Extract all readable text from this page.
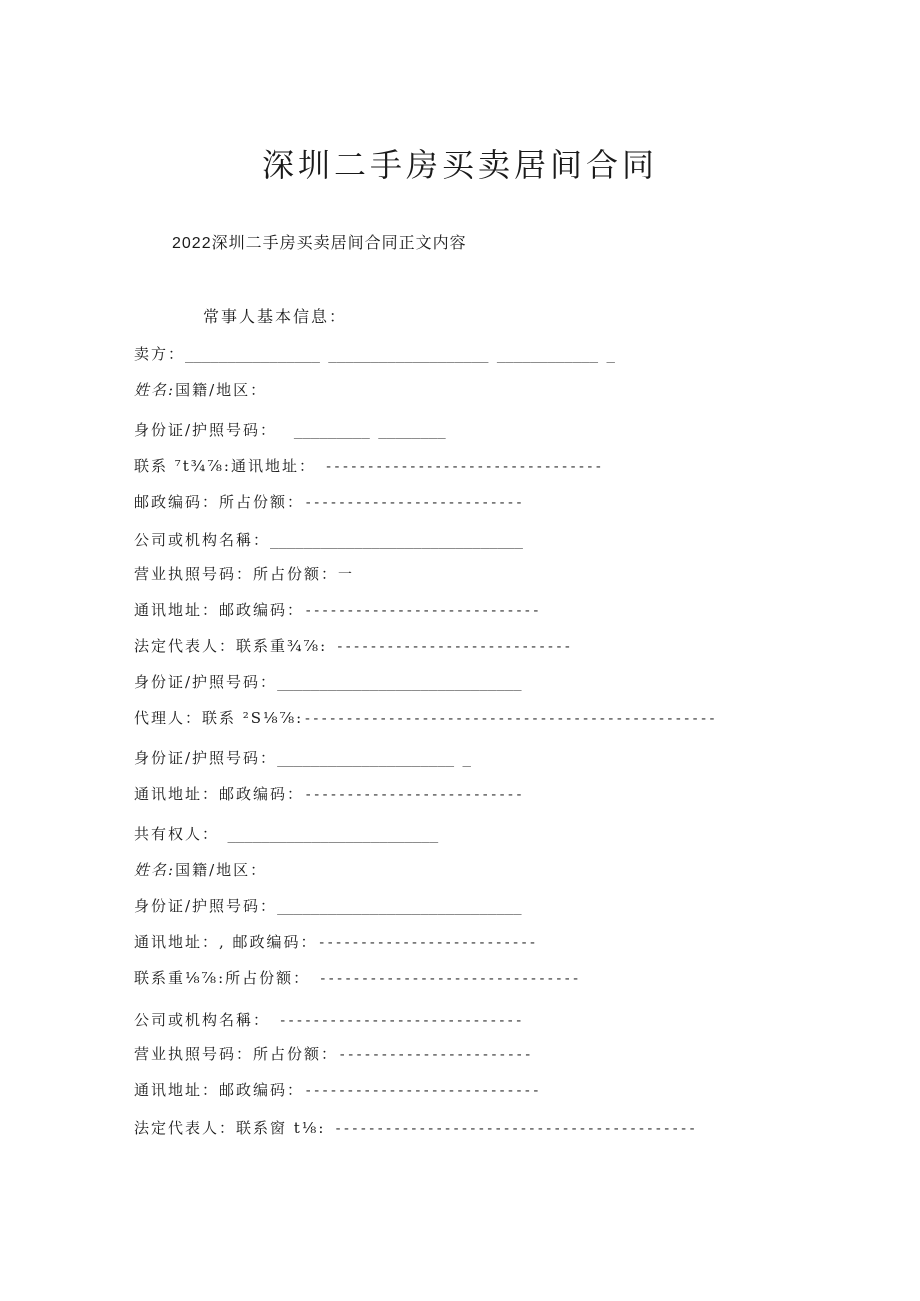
深圳二手房买卖居间合同
2022深圳二手房买卖居间合同正文内容
常事人基本信息：
卖方：________________ ___________________ ____________ _
姓名:国籍/地区：
身份证/护照号码：  _________ ________
联系 ⁷t¾⅞:通讯地址： ---------------------------------
邮政编码：所占份额：--------------------------
公司或机构名稱：______________________________
营业执照号码：所占份额：一
通讯地址：邮政编码：----------------------------
法定代表人：联系重¾⅞: ----------------------------
身份证/护照号码：_____________________________
代理人：联系 ²S⅛⅞:-------------------------------------------------
身份证/护照号码：_____________________ _
通讯地址：邮政编码：--------------------------
共有权人： _________________________
姓名:国籍/地区：
身份证/护照号码：_____________________________
通讯地址：, 邮政编码：--------------------------
联系重⅛⅞:所占份额： -------------------------------
公司或机构名稱： -----------------------------
营业执照号码：所占份额：-----------------------
通讯地址：邮政编码：----------------------------
法定代表人：联系窗 t⅛: -------------------------------------------
